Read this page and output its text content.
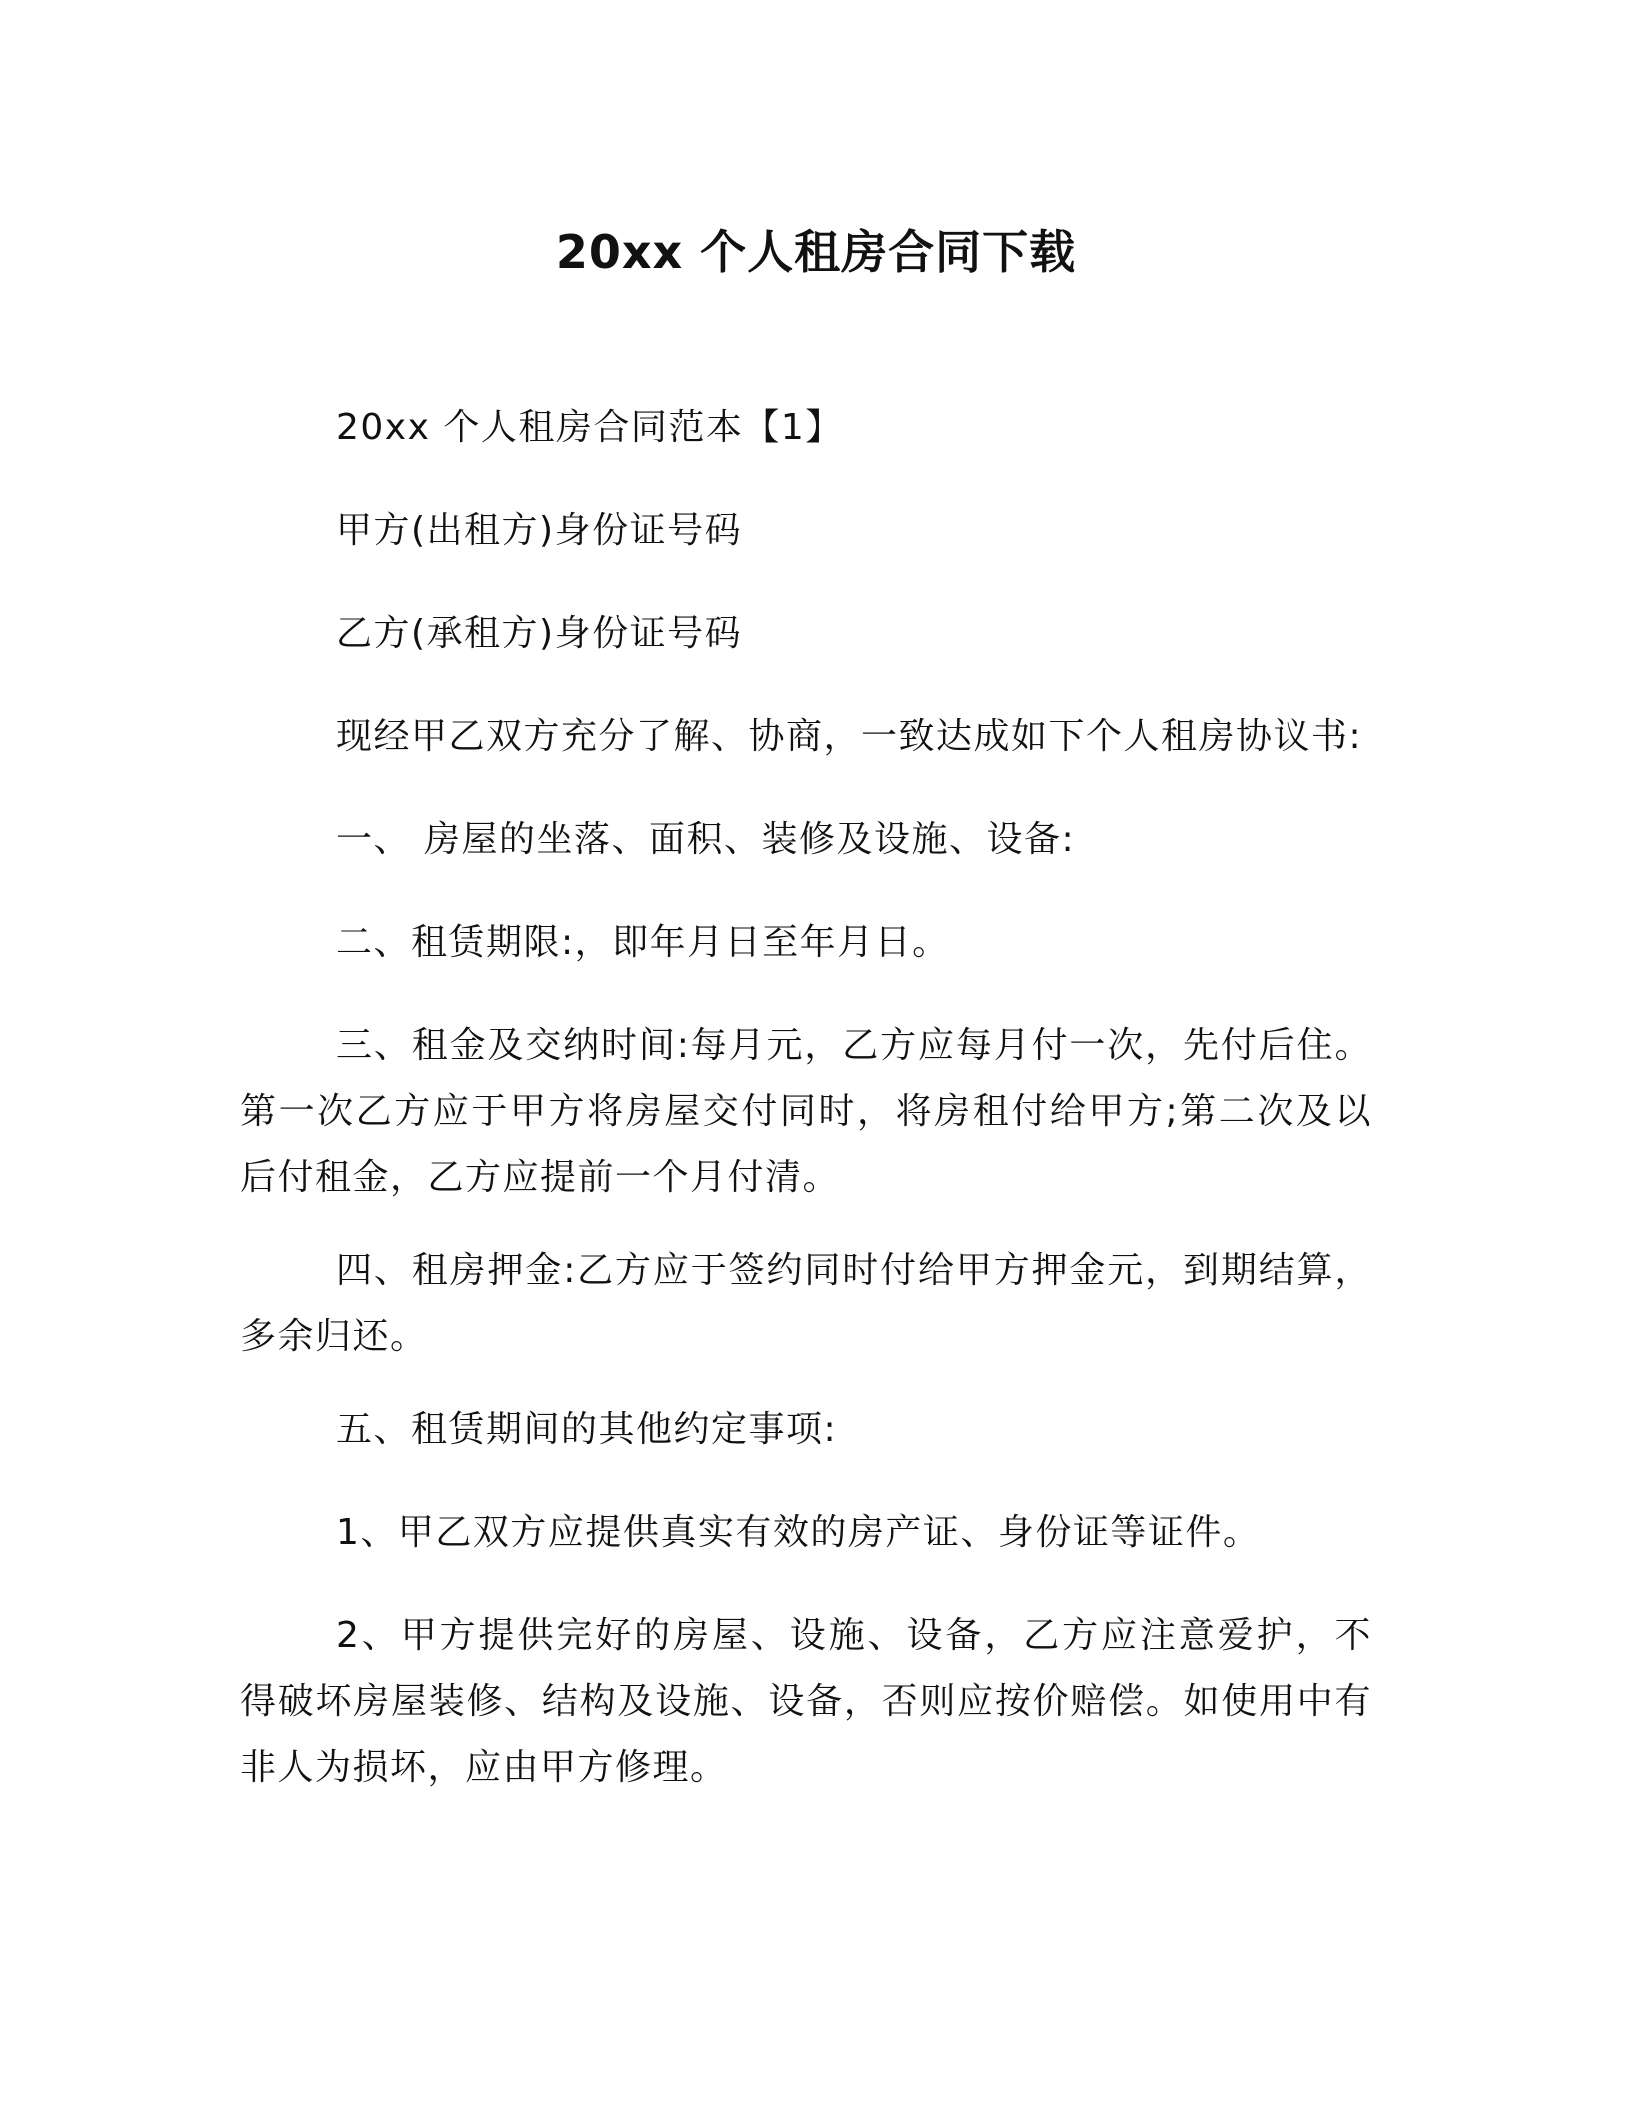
20xx 个人租房合同下载

20xx 个人租房合同范本【1】

甲方(出租方)身份证号码

乙方(承租方)身份证号码

现经甲乙双方充分了解、协商，一致达成如下个人租房协议书:

一、 房屋的坐落、面积、装修及设施、设备:

二、租赁期限:，即年月日至年月日。

三、租金及交纳时间:每月元，乙方应每月付一次，先付后住。第一次乙方应于甲方将房屋交付同时，将房租付给甲方;第二次及以后付租金，乙方应提前一个月付清。

四、租房押金:乙方应于签约同时付给甲方押金元，到期结算，多余归还。

五、租赁期间的其他约定事项:

1、甲乙双方应提供真实有效的房产证、身份证等证件。

2、甲方提供完好的房屋、设施、设备，乙方应注意爱护，不得破坏房屋装修、结构及设施、设备，否则应按价赔偿。如使用中有非人为损坏，应由甲方修理。
